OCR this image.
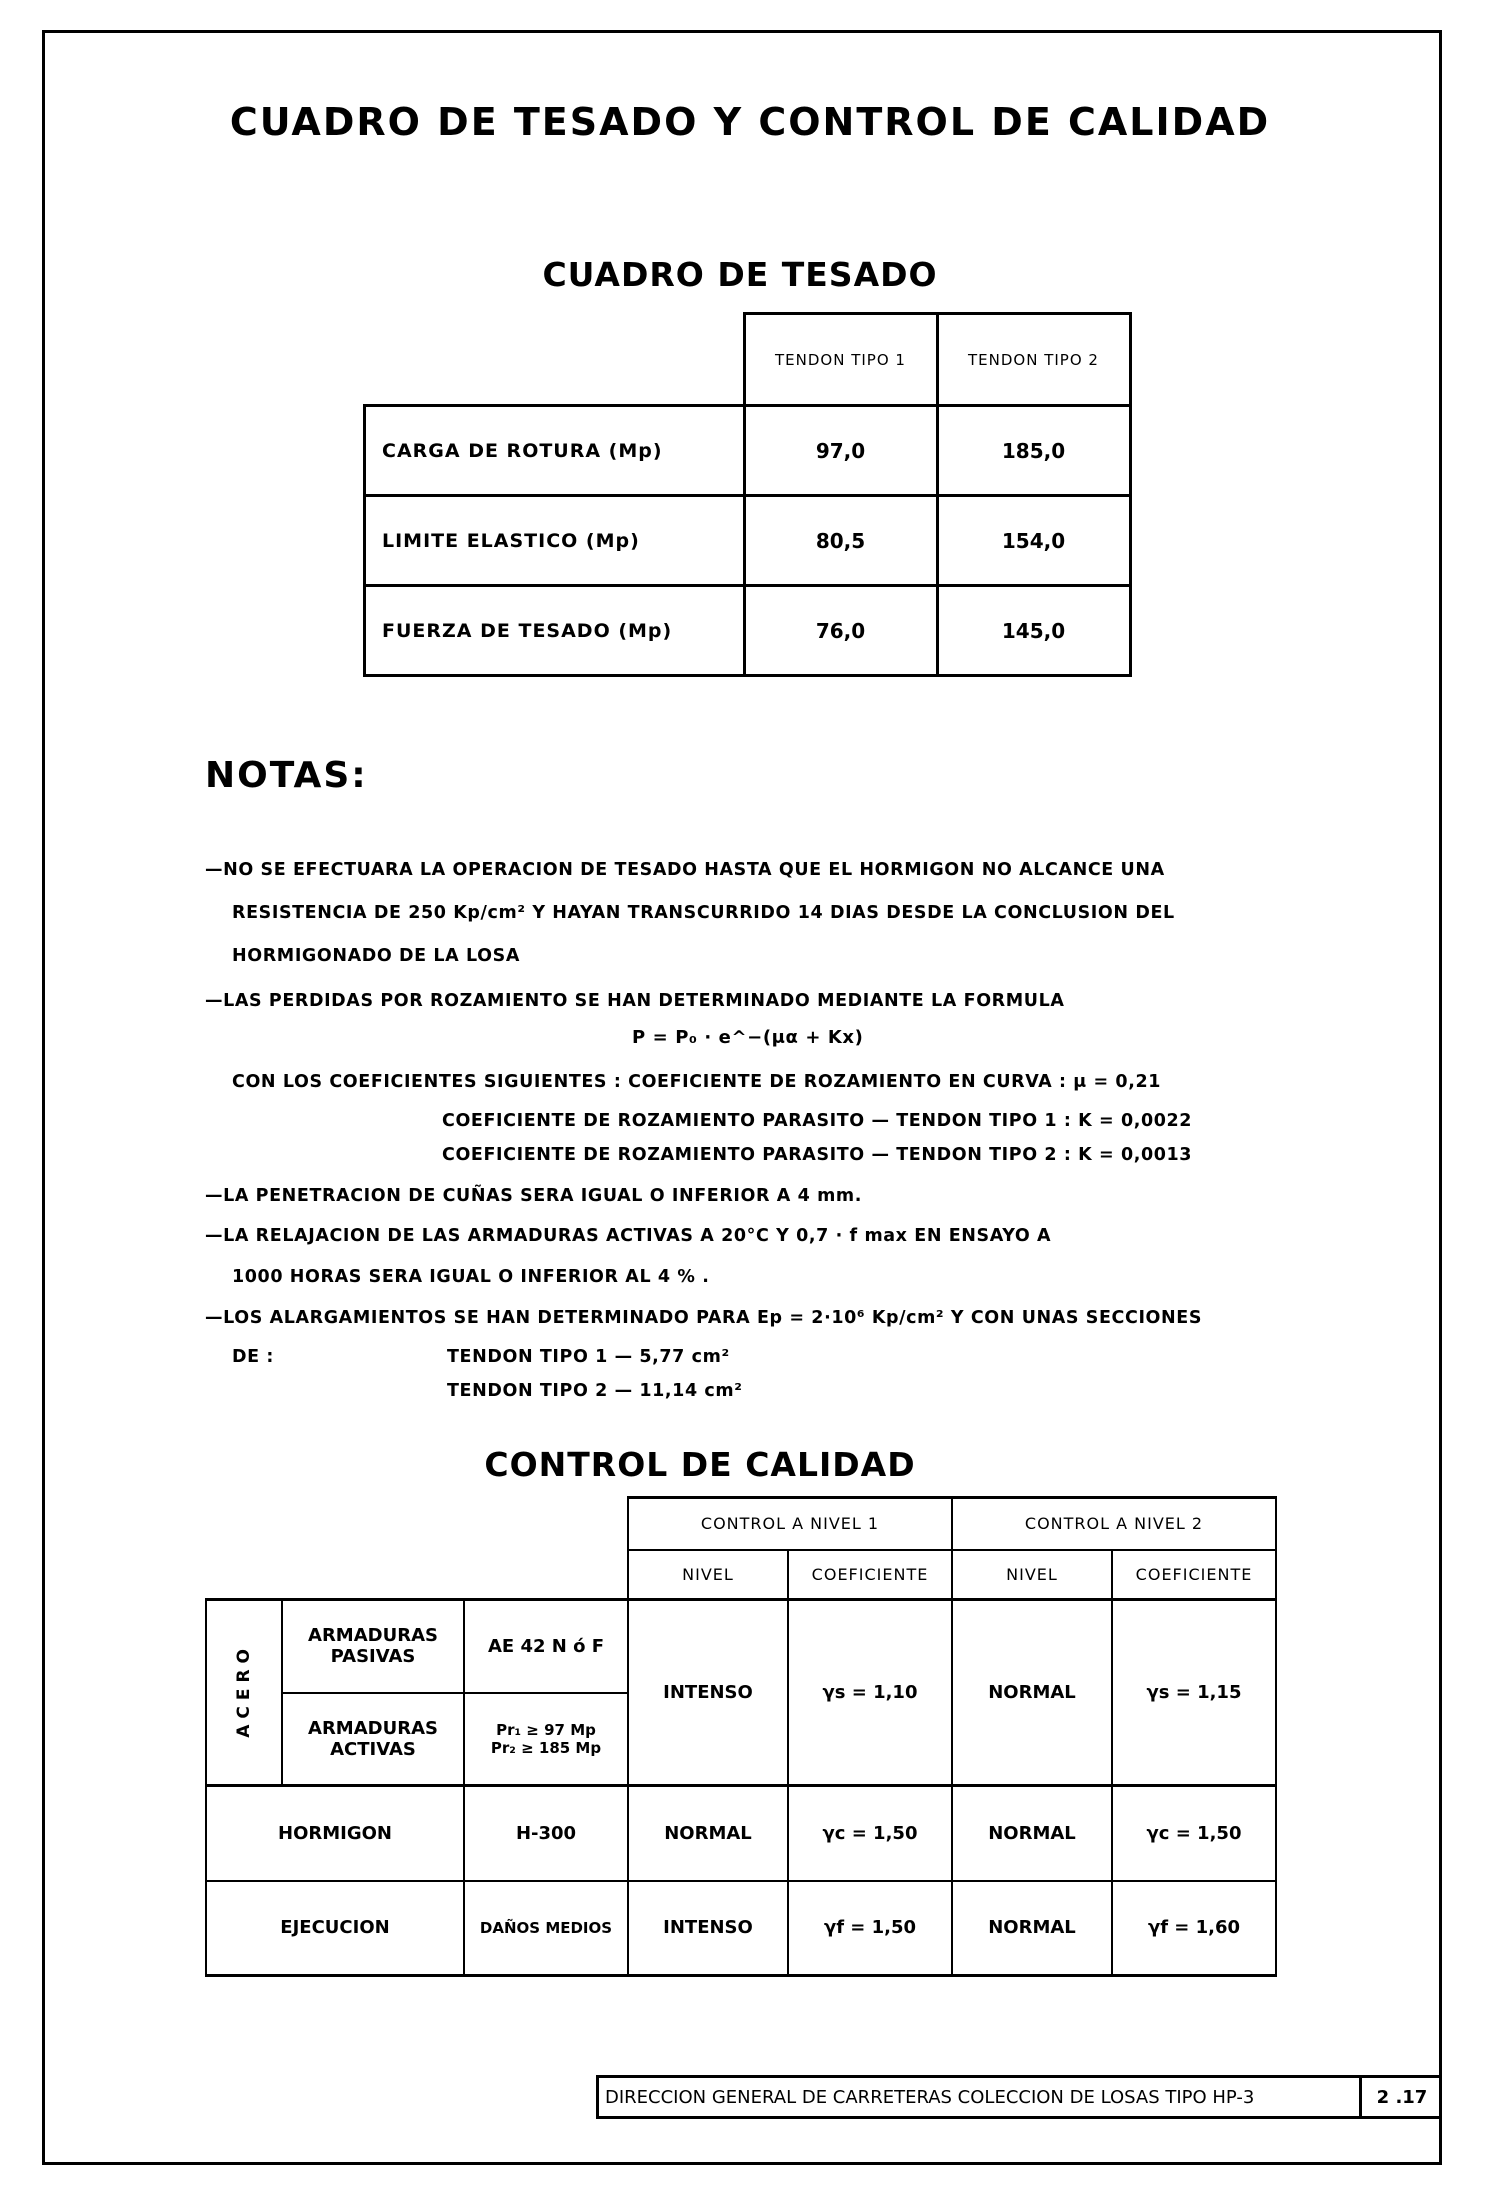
CUADRO DE TESADO Y CONTROL DE CALIDAD
CUADRO DE TESADO
	TENDON TIPO 1	TENDON TIPO 2
CARGA DE ROTURA (Mp)	97,0	185,0
LIMITE ELASTICO (Mp)	80,5	154,0
FUERZA DE TESADO (Mp)	76,0	145,0
NOTAS:
—NO SE EFECTUARA LA OPERACION DE TESADO HASTA QUE EL HORMIGON NO ALCANCE UNA
RESISTENCIA DE 250 Kp/cm² Y HAYAN TRANSCURRIDO 14 DIAS DESDE LA CONCLUSION DEL
HORMIGONADO DE LA LOSA
—LAS PERDIDAS POR ROZAMIENTO SE HAN DETERMINADO MEDIANTE LA FORMULA
P = P₀ · e^−(μα + Kx)
CON LOS COEFICIENTES SIGUIENTES : COEFICIENTE DE ROZAMIENTO EN CURVA : μ = 0,21
COEFICIENTE DE ROZAMIENTO PARASITO — TENDON TIPO 1 : K = 0,0022
COEFICIENTE DE ROZAMIENTO PARASITO — TENDON TIPO 2 : K = 0,0013
—LA PENETRACION DE CUÑAS SERA IGUAL O INFERIOR A 4 mm.
—LA RELAJACION DE LAS ARMADURAS ACTIVAS A 20°C Y 0,7 · f max EN ENSAYO A
1000 HORAS SERA IGUAL O INFERIOR AL 4 % .
—LOS ALARGAMIENTOS SE HAN DETERMINADO PARA Ep = 2·10⁶ Kp/cm² Y CON UNAS SECCIONES
DE :	TENDON TIPO 1 — 5,77 cm²
TENDON TIPO 2 — 11,14 cm²
CONTROL DE CALIDAD
			CONTROL A NIVEL 1		CONTROL A NIVEL 2	
			NIVEL	COEFICIENTE	NIVEL	COEFICIENTE
ACERO	ARMADURAS PASIVAS	AE 42 N ó F	INTENSO	γs = 1,10	NORMAL	γs = 1,15
	ARMADURAS ACTIVAS	Pr₁ ≥ 97 Mp
Pr₂ ≥ 185 Mp				

HORMIGON		H-300	NORMAL	γc = 1,50	NORMAL	γc = 1,50
EJECUCION		DAÑOS MEDIOS	INTENSO	γf = 1,50	NORMAL	γf = 1,60
DIRECCION GENERAL DE CARRETERAS COLECCION DE LOSAS TIPO HP-3	2 .17
